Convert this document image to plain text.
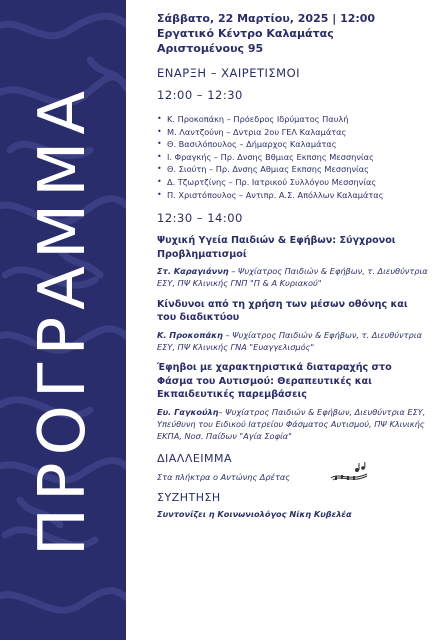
ΠΡΟΓΡΑΜΜΑ
Σάββατο, 22 Μαρτίου, 2025 | 12:00
Εργατικό Κέντρο Καλαμάτας
Αριστομένους 95
ΕΝΑΡΞΗ – ΧΑΙΡΕΤΙΣΜΟΙ
12:00 – 12:30
• Κ. Προκοπάκη – Πρόεδρος Ιδρύματος Παυλή
• Μ. Λαντζούνη – Δντρια 2ου ΓΕΛ Καλαμάτας
• Θ. Βασιλόπουλος – Δήμαρχος Καλαμάτας
• Ι. Φραγκής – Πρ. Δνσης Βθμιας Εκπσης Μεσσηνίας
• Θ. Σιούτη – Πρ. Δνσης Αθμιας Εκπσης Μεσσηνίας
• Δ. Τζωρτζίνης – Πρ. Ιατρικού Συλλόγου Μεσσηνίας
• Π. Χριστόπουλος – Αντιπρ. Α.Σ. Απόλλων Καλαμάτας
12:30 – 14:00
Ψυχική Υγεία Παιδιών & Εφήβων: Σύγχρονοι Προβληματισμοί
Στ. Καραγιάννη – Ψυχίατρος Παιδιών & Εφήβων, τ. Διευθύντρια ΕΣΥ, ΠΨ Κλινικής ΓΝΠ "Π & Α Κυριακού"
Κίνδυνοι από τη χρήση των μέσων οθόνης και του διαδικτύου
Κ. Προκοπάκη – Ψυχίατρος Παιδιών & Εφήβων, τ. Διευθύντρια ΕΣΥ, ΠΨ Κλινικής ΓΝΑ "Ευαγγελισμός"
Έφηβοι με χαρακτηριστικά διαταραχής στο Φάσμα του Αυτισμού: Θεραπευτικές και Εκπαιδευτικές παρεμβάσεις
Ευ. Γαγκούλη– Ψυχίατρος Παιδιών & Εφήβων, Διευθύντρια ΕΣΥ, Υπεύθυνη του Ειδικού Ιατρείου Φάσματος Αυτισμού, ΠΨ Κλινικής ΕΚΠΑ, Νοσ. Παίδων "Αγία Σοφία"
ΔΙΑΛΛΕΙΜΜΑ
Στα πλήκτρα ο Αντώνης Δρέτας
ΣΥΖΗΤΗΣΗ
Συντονίζει η Κοινωνιολόγος Νίκη Κυβελέα
